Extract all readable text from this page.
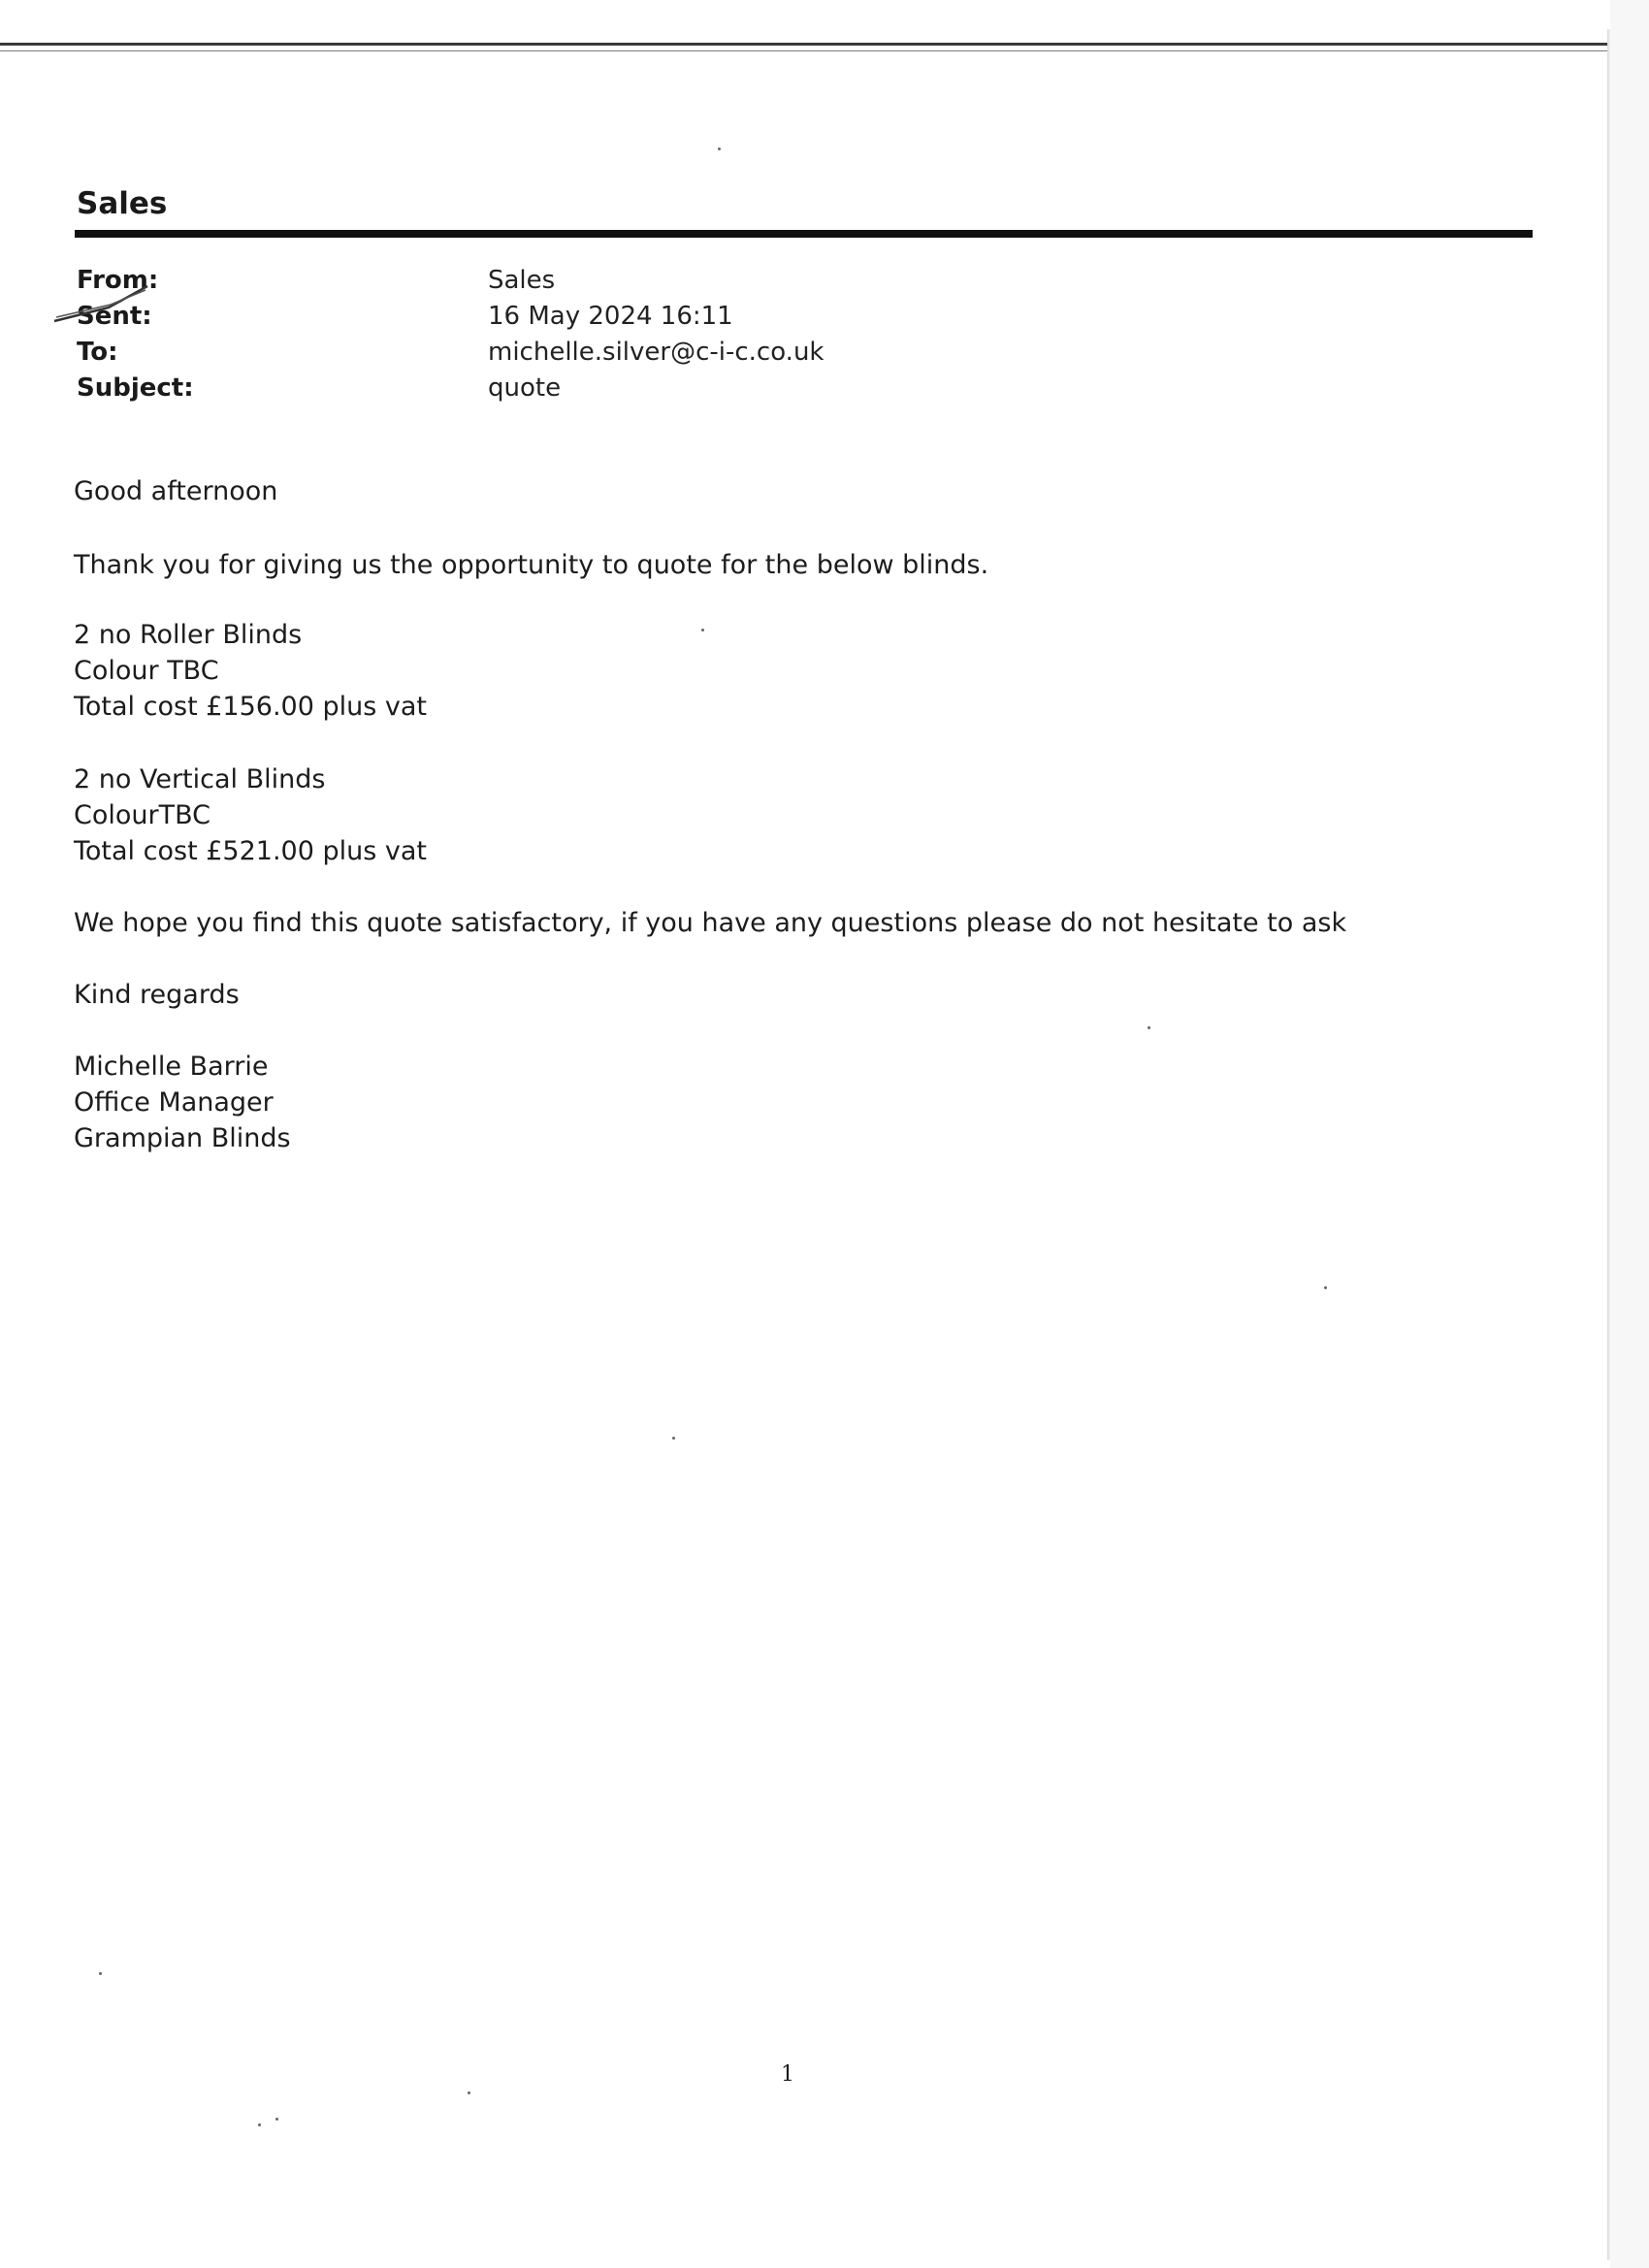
Sales
From:	Sales
Sent:	16 May 2024 16:11
To:	michelle.silver@c-i-c.co.uk
Subject:	quote

Good afternoon

Thank you for giving us the opportunity to quote for the below blinds.

2 no Roller Blinds

Colour TBC

Total cost £156.00 plus vat

2 no Vertical Blinds

ColourTBC

Total cost £521.00 plus vat

We hope you find this quote satisfactory, if you have any questions please do not hesitate to ask

Kind regards

Michelle Barrie

Office Manager

Grampian Blinds

1
